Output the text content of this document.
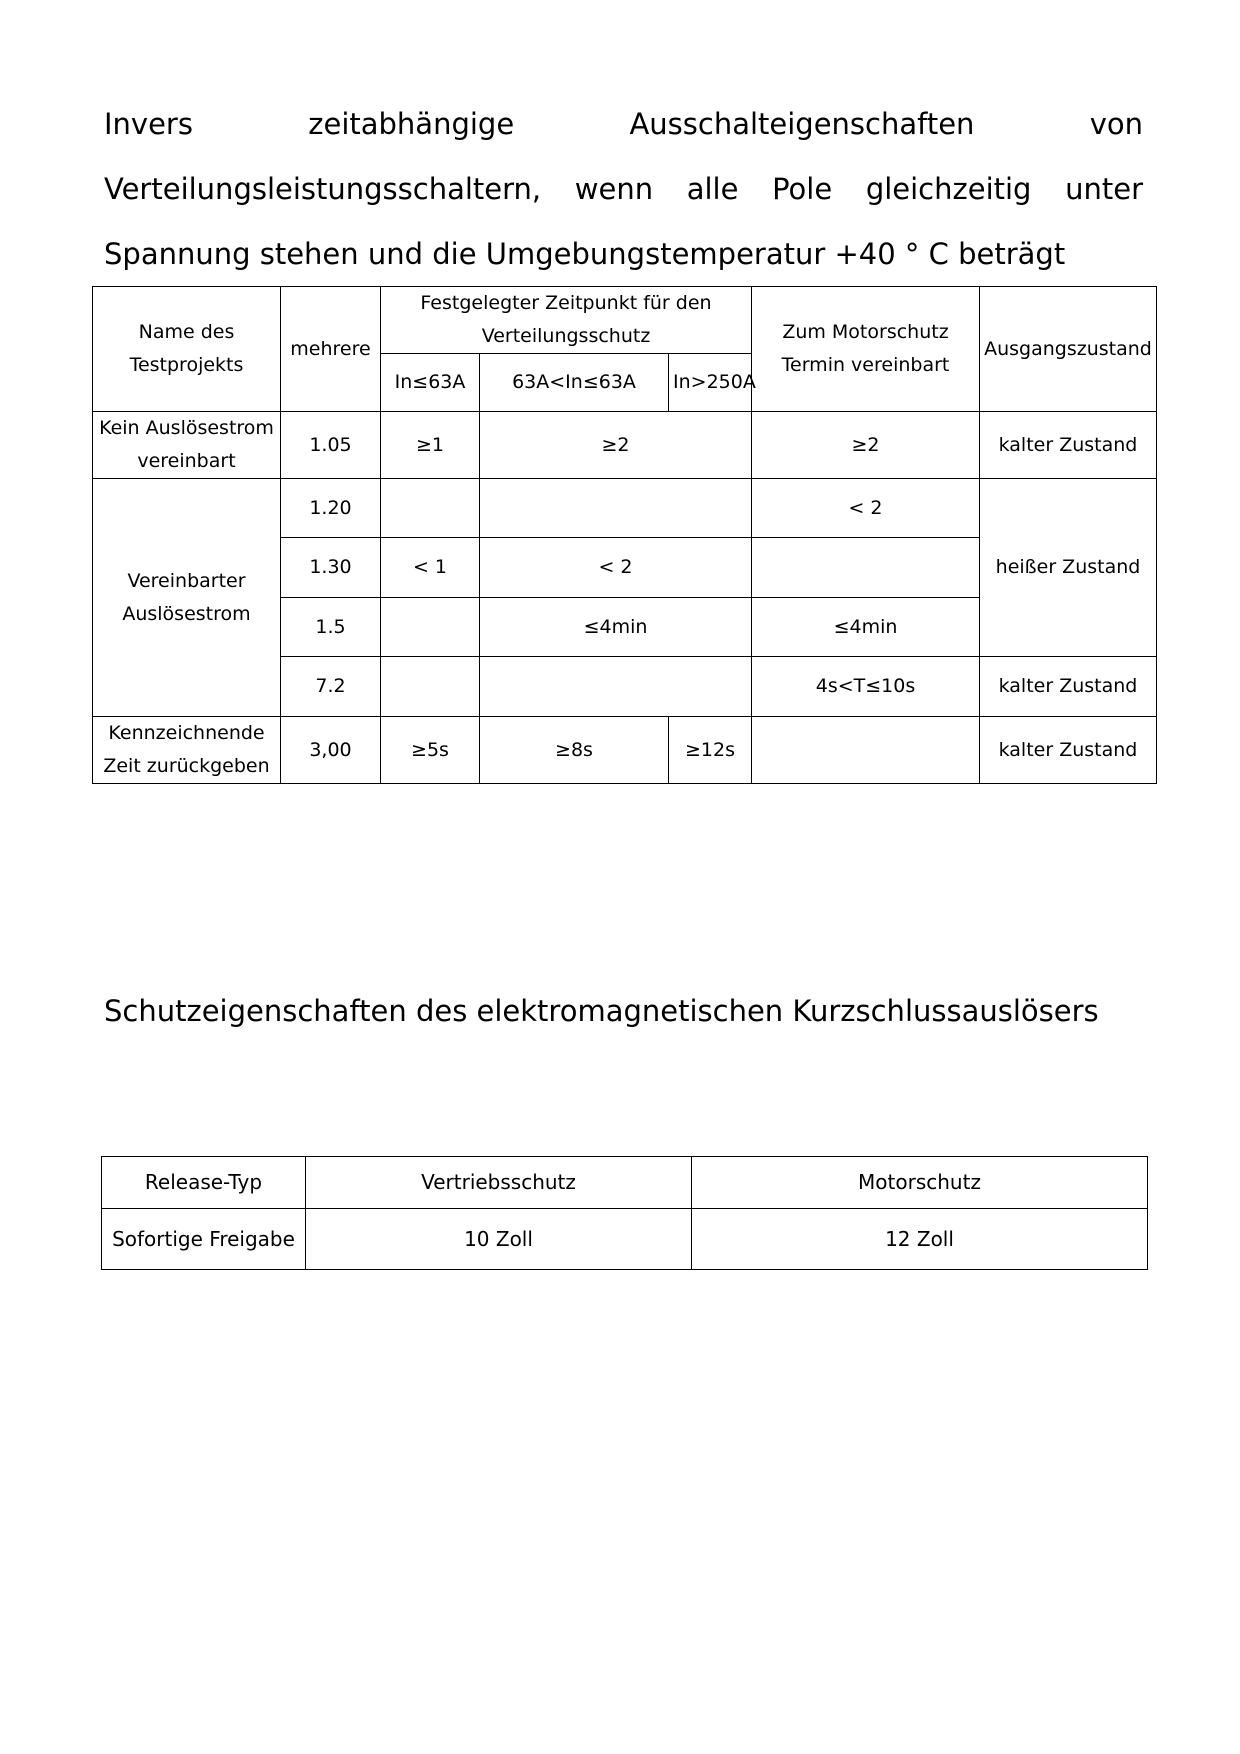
Invers zeitabhängige Ausschalteigenschaften von Verteilungsleistungsschaltern, wenn alle Pole gleichzeitig unter Spannung stehen und die Umgebungstemperatur +40 ° C beträgt

Name des Testprojekts	mehrere	Festgelegter Zeitpunkt für den Verteilungsschutz			Zum Motorschutz Termin vereinbart	Ausgangszustand
		In≤63A	63A<In≤63A	In>250A		
Kein Auslösestrom vereinbart	1.05	≥1	≥2		≥2	kalter Zustand
Vereinbarter Auslösestrom	1.20				< 2	heißer Zustand
	1.30	< 1	< 2			
	1.5		≤4min		≤4min	
	7.2				4s<T≤10s	kalter Zustand
Kennzeichnende Zeit zurückgeben	3,00	≥5s	≥8s	≥12s		kalter Zustand

Schutzeigenschaften des elektromagnetischen Kurzschlussauslösers

Release-Typ	Vertriebsschutz	Motorschutz
Sofortige Freigabe	10 Zoll	12 Zoll
